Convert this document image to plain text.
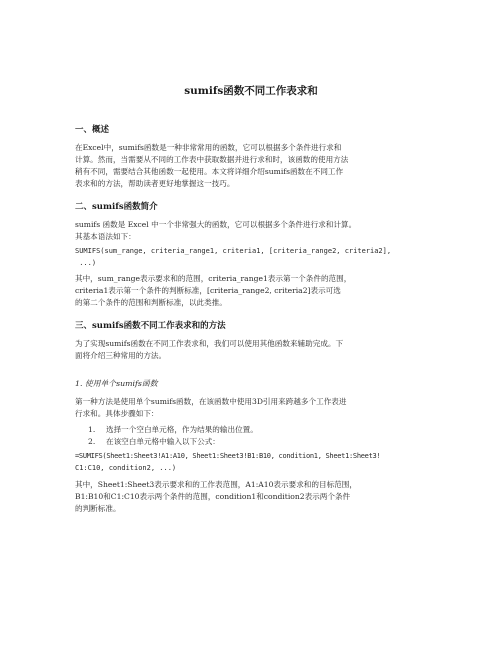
sumifs函数不同工作表求和

一、概述

在Excel中，sumifs函数是一种非常常用的函数，它可以根据多个条件进行求和

计算。然而，当需要从不同的工作表中获取数据并进行求和时，该函数的使用方法

稍有不同，需要结合其他函数一起使用。本文将详细介绍sumifs函数在不同工作

表求和的方法，帮助读者更好地掌握这一技巧。

二、sumifs函数简介

sumifs 函数是 Excel 中一个非常强大的函数，它可以根据多个条件进行求和计算。

其基本语法如下：

SUMIFS(sum_range, criteria_range1, criteria1, [criteria_range2, criteria2],

...)

其中，sum_range表示要求和的范围，criteria_range1表示第一个条件的范围，

criteria1表示第一个条件的判断标准，[criteria_range2, criteria2]表示可选

的第二个条件的范围和判断标准，以此类推。

三、sumifs函数不同工作表求和的方法

为了实现sumifs函数在不同工作表求和，我们可以使用其他函数来辅助完成。下

面将介绍三种常用的方法。

1. 使用单个sumifs函数

第一种方法是使用单个sumifs函数，在该函数中使用3D引用来跨越多个工作表进

行求和。具体步骤如下：

1. 选择一个空白单元格，作为结果的输出位置。

2. 在该空白单元格中输入以下公式：

=SUMIFS(Sheet1:Sheet3!A1:A10, Sheet1:Sheet3!B1:B10, condition1, Sheet1:Sheet3!

C1:C10, condition2, ...)

其中，Sheet1:Sheet3表示要求和的工作表范围，A1:A10表示要求和的目标范围，

B1:B10和C1:C10表示两个条件的范围，condition1和condition2表示两个条件

的判断标准。
